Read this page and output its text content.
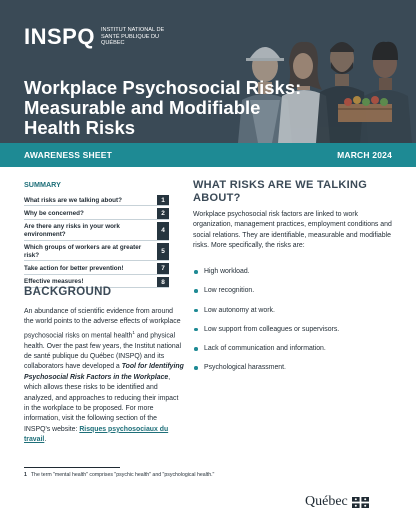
INSPQ INSTITUT NATIONAL DE SANTÉ PUBLIQUE DU QUÉBEC
Workplace Psychosocial Risks: Measurable and Modifiable Health Risks
AWARENESS SHEET	MARCH 2024
SUMMARY
What risks are we talking about?	1
Why be concerned?	2
Are there any risks in your work environment?	4
Which groups of workers are at greater risk?	5
Take action for better prevention!	7
Effective measures!	8
BACKGROUND

An abundance of scientific evidence from around the world points to the adverse effects of workplace psychosocial risks on mental health$^1$ and physical health. Over the past few years, the Institut national de santé publique du Québec (INSPQ) and its collaborators have developed a Tool for Identifying Psychosocial Risk Factors in the Workplace, which allows these risks to be identified and analyzed, and approaches to reducing their impact in the workplace to be proposed. For more information, visit the following section of the INSPQ's website: Risques psychosociaux du travail.

1 The term "mental health" comprises "psychic health" and "psychological health."
WHAT RISKS ARE WE TALKING ABOUT?

Workplace psychosocial risk factors are linked to work organization, management practices, employment conditions and social relations. They are identifiable, measurable and modifiable risks. More specifically, the risks are:

High workload.
Low recognition.
Low autonomy at work.
Low support from colleagues or supervisors.
Lack of communication and information.
Psychological harassment.
Québec
